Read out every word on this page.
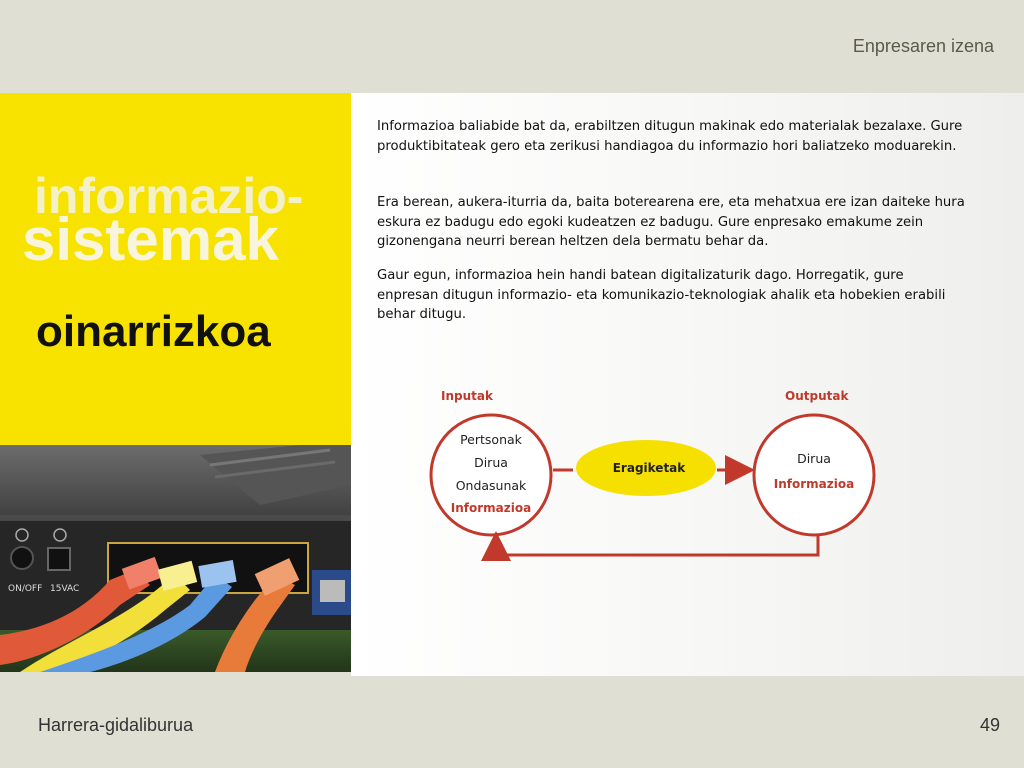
Enpresaren izena
informazio-
sistemak
oinarrizkoa
ON/OFF 15VAC

Informazioa baliabide bat da, erabiltzen ditugun makinak edo materialak bezalaxe. Gure produktibitateak gero eta zerikusi handiagoa du informazio hori baliatzeko moduarekin.

Era berean, aukera-iturria da, baita boterearena ere, eta mehatxua ere izan daiteke hura eskura ez badugu edo egoki kudeatzen ez badugu. Gure enpresako emakume zein gizonengana neurri berean heltzen dela bermatu behar da.

Gaur egun, informazioa hein handi batean digitalizaturik dago. Horregatik, gure enpresan ditugun informazio- eta komunikazio-teknologiak ahalik eta hobekien erabili behar ditugu.

Inputak	Outputak
Pertsonak
Dirua
Ondasunak
Informazioa
Eragiketak
Dirua
Informazioa
Harrera-gidaliburua	49
